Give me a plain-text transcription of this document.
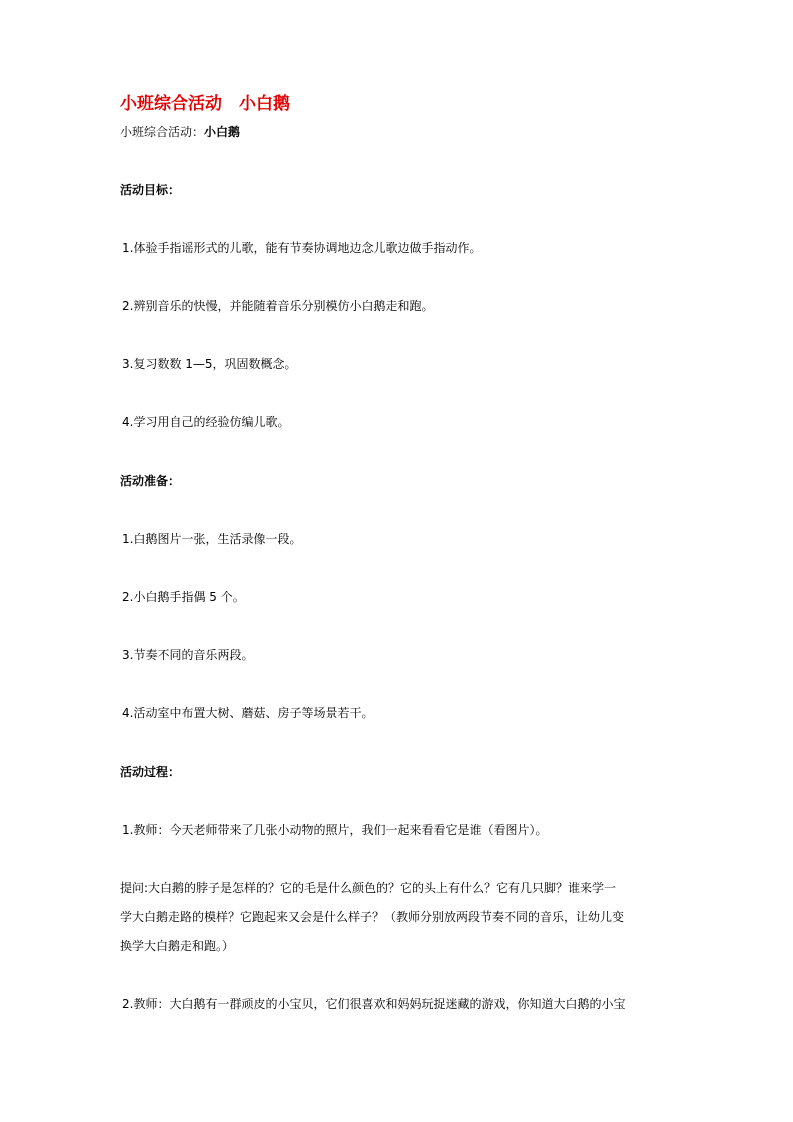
小班综合活动　小白鹅
小班综合活动：小白鹅
活动目标：
1.体验手指谣形式的儿歌，能有节奏协调地边念儿歌边做手指动作。
2.辨别音乐的快慢，并能随着音乐分别模仿小白鹅走和跑。
3.复习数数 1—5，巩固数概念。
4.学习用自己的经验仿编儿歌。
活动准备：
1.白鹅图片一张，生活录像一段。
2.小白鹅手指偶 5 个。
3.节奏不同的音乐两段。
4.活动室中布置大树、蘑菇、房子等场景若干。
活动过程：
1.教师：今天老师带来了几张小动物的照片，我们一起来看看它是谁（看图片）。
提问:大白鹅的脖子是怎样的？它的毛是什么颜色的？它的头上有什么？它有几只脚？谁来学一
学大白鹅走路的模样？它跑起来又会是什么样子？（教师分别放两段节奏不同的音乐，让幼儿变
换学大白鹅走和跑。）
2.教师：大白鹅有一群顽皮的小宝贝，它们很喜欢和妈妈玩捉迷藏的游戏，你知道大白鹅的小宝
